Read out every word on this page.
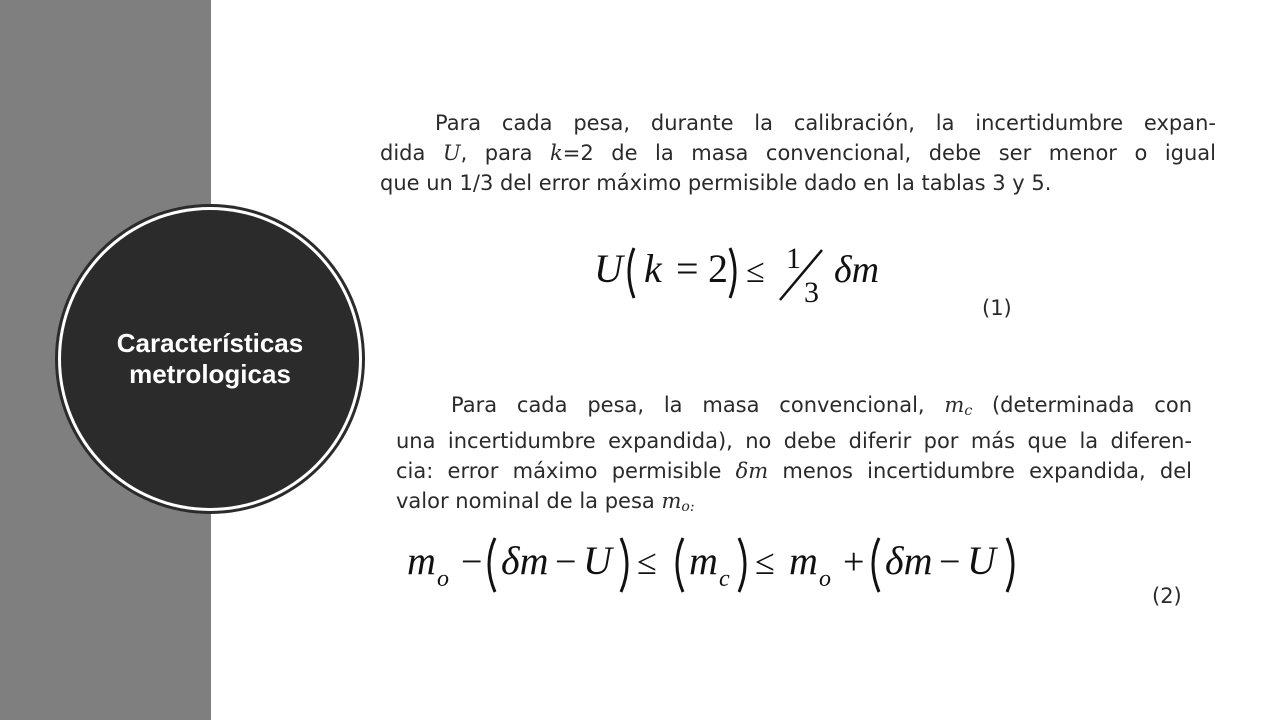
Características metrologicas

Para cada pesa, durante la calibración, la incertidumbre expan-
dida U, para k=2 de la masa convencional, debe ser menor o igual
que un 1/3 del error máximo permisible dado en la tablas 3 y 5.

U k = 2 ≤ 1
3
δm
(1)

Para cada pesa, la masa convencional, $m_c$ (determinada con
una incertidumbre expandida), no debe diferir por más que la diferen-
cia: error máximo permisible δm menos incertidumbre expandida, del
valor nominal de la pesa $m_{o:}$

m o − δm − U ≤ m c ≤ m o + δm − U
(2)
